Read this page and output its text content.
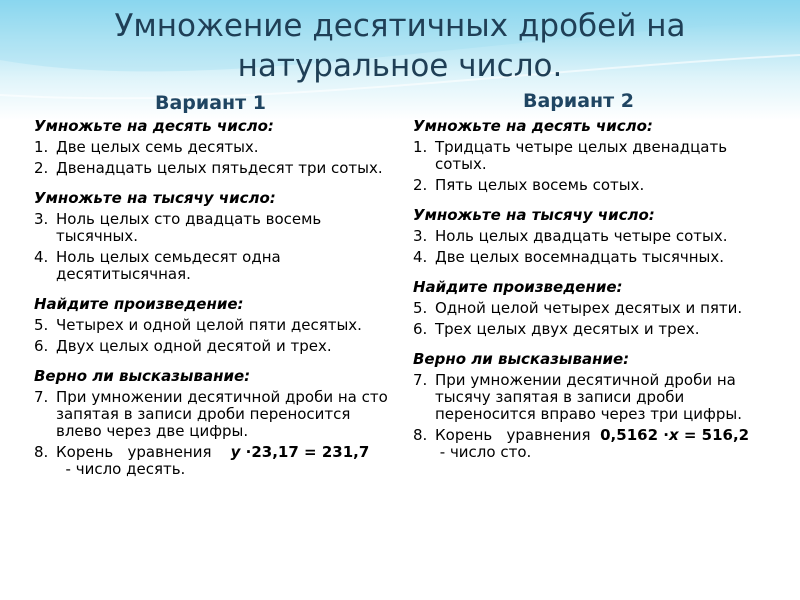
Умножение десятичных дробей на
натуральное число.
Вариант 1	Вариант 2
Умножьте на десять число:
1. Две целых семь десятых.
2. Двенадцать целых пятьдесят три сотых.
Умножьте на тысячу число:
3. Ноль целых сто двадцать восемь тысячных.
4. Ноль целых семьдесят одна десятитысячная.
Найдите произведение:
5. Четырех и одной целой пяти десятых.
6. Двух целых одной десятой и трех.
Верно ли высказывание:
7. При умножении десятичной дроби на сто запятая в записи дроби переносится влево через две цифры.
8. Корень   уравнения    y ·23,17 = 231,7  - число десять.
Умножьте на десять число:
1. Тридцать четыре целых двенадцать сотых.
2. Пять целых восемь сотых.
Умножьте на тысячу число:
3. Ноль целых двадцать четыре сотых.
4. Две целых восемнадцать тысячных.
Найдите произведение:
5. Одной целой четырех десятых и пяти.
6. Трех целых двух десятых и трех.
Верно ли высказывание:
7. При умножении десятичной дроби на тысячу запятая в записи дроби переносится вправо через три цифры.
8. Корень   уравнения  0,5162 ·x = 516,2 - число сто.
